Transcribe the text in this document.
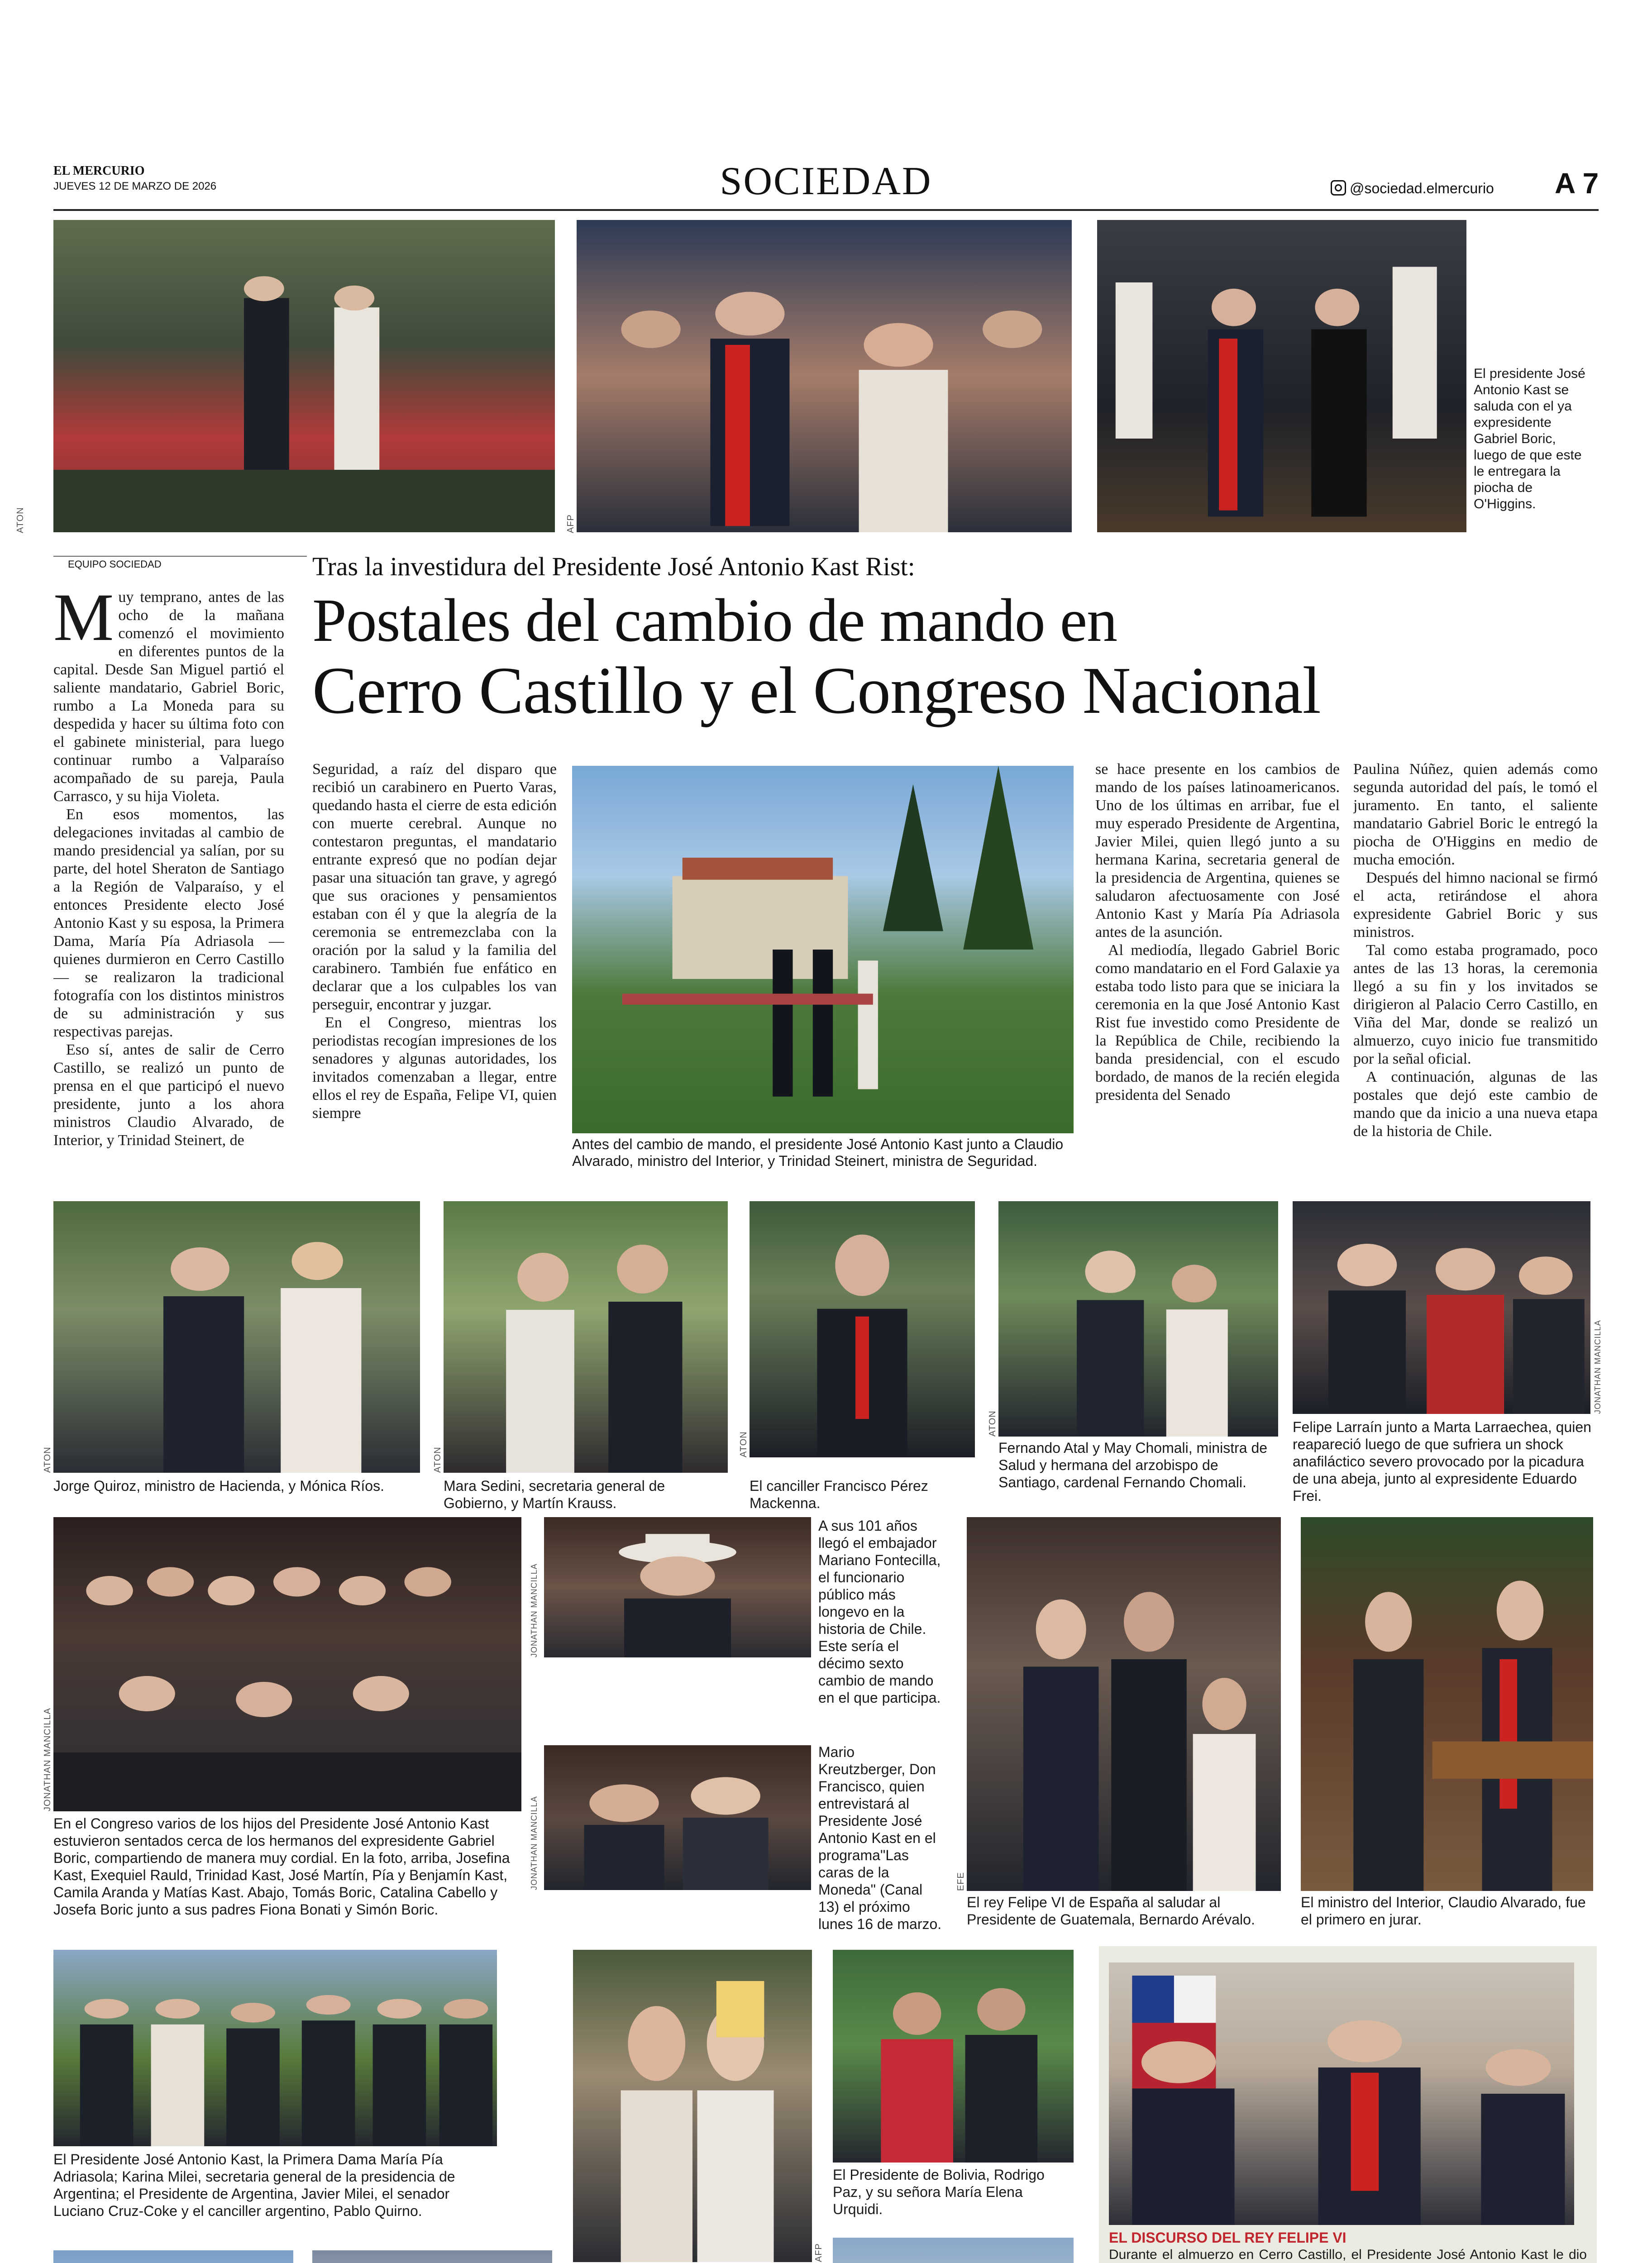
EL MERCURIO
JUEVES 12 DE MARZO DE 2026	SOCIEDAD	@sociedad.elmercurio A 7
ATON	AFP
El presidente José Antonio Kast se saluda con el ya expresidente Gabriel Boric, luego de que este le entregara la piocha de O'Higgins.
EQUIPO SOCIEDAD	Tras la investidura del Presidente José Antonio Kast Rist:
Postales del cambio de mando en
Cerro Castillo y el Congreso Nacional

Muy temprano, antes de las ocho de la mañana comenzó el movimiento en diferentes puntos de la capital. Desde San Miguel partió el saliente mandatario, Gabriel Boric, rumbo a La Moneda para su despedida y hacer su última foto con el gabinete ministerial, para luego continuar rumbo a Valparaíso acompañado de su pareja, Paula Carrasco, y su hija Violeta.

En esos momentos, las delegaciones invitadas al cambio de mando presidencial ya salían, por su parte, del hotel Sheraton de Santiago a la Región de Valparaíso, y el entonces Presidente electo José Antonio Kast y su esposa, la Primera Dama, María Pía Adriasola —quienes durmieron en Cerro Castillo— se realizaron la tradicional fotografía con los distintos ministros de su administración y sus respectivas parejas.

Eso sí, antes de salir de Cerro Castillo, se realizó un punto de prensa en el que participó el nuevo presidente, junto a los ahora ministros Claudio Alvarado, de Interior, y Trinidad Steinert, de

Seguridad, a raíz del disparo que recibió un carabinero en Puerto Varas, quedando hasta el cierre de esta edición con muerte cerebral. Aunque no contestaron preguntas, el mandatario entrante expresó que no podían dejar pasar una situación tan grave, y agregó que sus oraciones y pensamientos estaban con él y que la alegría de la ceremonia se entremezclaba con la oración por la salud y la familia del carabinero. También fue enfático en declarar que a los culpables los van perseguir, encontrar y juzgar.

En el Congreso, mientras los periodistas recogían impresiones de los senadores y algunas autoridades, los invitados comenzaban a llegar, entre ellos el rey de España, Felipe VI, quien siempre

Antes del cambio de mando, el presidente José Antonio Kast junto a Claudio Alvarado, ministro del Interior, y Trinidad Steinert, ministra de Seguridad.

se hace presente en los cambios de mando de los países latinoamericanos. Uno de los últimas en arribar, fue el muy esperado Presidente de Argentina, Javier Milei, quien llegó junto a su hermana Karina, secretaria general de la presidencia de Argentina, quienes se saludaron afectuosamente con José Antonio Kast y María Pía Adriasola antes de la asunción.

Al mediodía, llegado Gabriel Boric como mandatario en el Ford Galaxie ya estaba todo listo para que se iniciara la ceremonia en la que José Antonio Kast Rist fue investido como Presidente de la República de Chile, recibiendo la banda presidencial, con el escudo bordado, de manos de la recién elegida presidenta del Senado

Paulina Núñez, quien además como segunda autoridad del país, le tomó el juramento. En tanto, el saliente mandatario Gabriel Boric le entregó la piocha de O'Higgins en medio de mucha emoción.

Después del himno nacional se firmó el acta, retirándose el ahora expresidente Gabriel Boric y sus ministros.

Tal como estaba programado, poco antes de las 13 horas, la ceremonia llegó a su fin y los invitados se dirigieron al Palacio Cerro Castillo, en Viña del Mar, donde se realizó un almuerzo, cuyo inicio fue transmitido por la señal oficial.

A continuación, algunas de las postales que dejó este cambio de mando que da inicio a una nueva etapa de la historia de Chile.

ATON
Jorge Quiroz, ministro de Hacienda, y Mónica Ríos.
ATON
Mara Sedini, secretaria general de Gobierno, y Martín Krauss.
ATON
El canciller Francisco Pérez Mackenna.
ATON
Fernando Atal y May Chomali, ministra de Salud y hermana del arzobispo de Santiago, cardenal Fernando Chomali.
JONATHAN MANCILLA
Felipe Larraín junto a Marta Larraechea, quien reapareció luego de que sufriera un shock anafiláctico severo provocado por la picadura de una abeja, junto al expresidente Eduardo Frei.
JONATHAN MANCILLA
En el Congreso varios de los hijos del Presidente José Antonio Kast estuvieron sentados cerca de los hermanos del expresidente Gabriel Boric, compartiendo de manera muy cordial. En la foto, arriba, Josefina Kast, Exequiel Rauld, Trinidad Kast, José Martín, Pía y Benjamín Kast, Camila Aranda y Matías Kast. Abajo, Tomás Boric, Catalina Cabello y Josefa Boric junto a sus padres Fiona Bonati y Simón Boric.
JONATHAN MANCILLA
A sus 101 años llegó el embajador Mariano Fontecilla, el funcionario público más longevo en la historia de Chile. Este sería el décimo sexto cambio de mando en el que participa.
JONATHAN MANCILLA
Mario Kreutzberger, Don Francisco, quien entrevistará al Presidente José Antonio Kast en el programa"Las caras de la Moneda" (Canal 13) el próximo lunes 16 de marzo.
EFE
El rey Felipe VI de España al saludar al Presidente de Guatemala, Bernardo Arévalo.
El ministro del Interior, Claudio Alvarado, fue el primero en jurar.
El Presidente José Antonio Kast, la Primera Dama María Pía Adriasola; Karina Milei, secretaria general de la presidencia de Argentina; el Presidente de Argentina, Javier Milei, el senador Luciano Cruz-Coke y el canciller argentino, Pablo Quirno.
AFP
El Presidente de Bolivia, Rodrigo Paz, y su señora María Elena Urquidi.
EL DISCURSO DEL REY FELIPE VI
Durante el almuerzo en Cerro Castillo, el Presidente José Antonio Kast le dio
